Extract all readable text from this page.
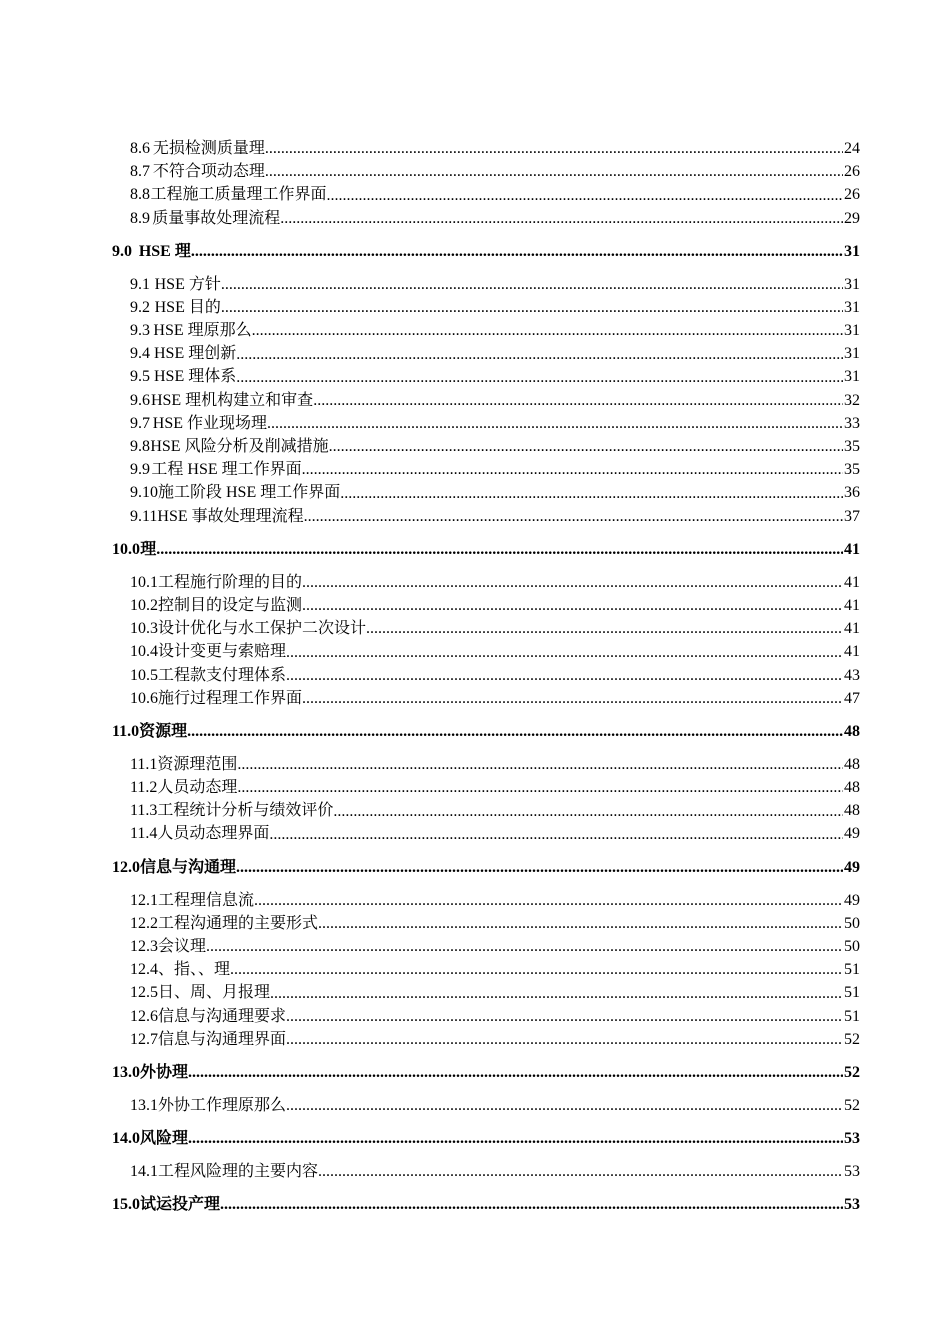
8.6 无损检测质量理 .....	24
8.7 不符合项动态理 .....	26
8.8 工程施工质量理工作界面 .....	26
8.9 质量事故处理流程 .....	29
9.0 HSE 理 .....	31
9.1 HSE 方针 .....	31
9.2 HSE 目的 .....	31
9.3 HSE 理原那么 .....	31
9.4 HSE 理创新 .....	31
9.5 HSE 理体系 .....	31
9.6 HSE 理机构建立和审查 .....	32
9.7 HSE 作业现场理 .....	33
9.8 HSE 风险分析及削减措施 .....	35
9.9 工程 HSE 理工作界面 .....	35
9.10 施工阶段 HSE 理工作界面 .....	36
9.11 HSE 事故处理理流程 .....	37
10.0 理 .....	41
10.1 工程施行阶理的目的 .....	41
10.2 控制目的设定与监测 .....	41
10.3 设计优化与水工保护二次设计 .....	41
10.4 设计变更与索赔理 .....	41
10.5 工程款支付理体系 .....	43
10.6 施行过程理工作界面 .....	47
11.0 资源理 .....	48
11.1 资源理范围 .....	48
11.2 人员动态理 .....	48
11.3 工程统计分析与绩效评价 .....	48
11.4 人员动态理界面 .....	49
12.0 信息与沟通理 .....	49
12.1 工程理信息流 .....	49
12.2 工程沟通理的主要形式 .....	50
12.3 会议理 .....	50
12.4 、指、、理 .....	51
12.5 日、周、月报理 .....	51
12.6 信息与沟通理要求 .....	51
12.7 信息与沟通理界面 .....	52
13.0 外协理 .....	52
13.1 外协工作理原那么 .....	52
14.0 风险理 .....	53
14.1 工程风险理的主要内容 .....	53
15.0 试运投产理 .....	53
